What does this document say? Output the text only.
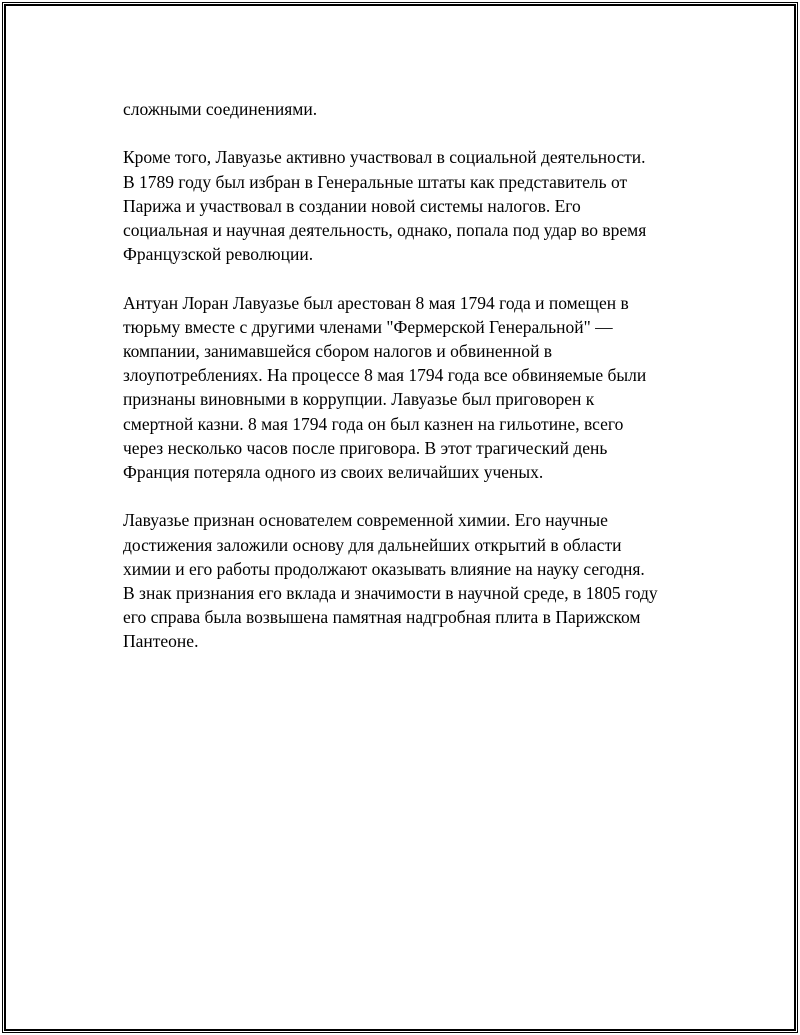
сложными соединениями.

Кроме того, Лавуазье активно участвовал в социальной деятельности.
В 1789 году был избран в Генеральные штаты как представитель от
Парижа и участвовал в создании новой системы налогов. Его
социальная и научная деятельность, однако, попала под удар во время
Французской революции.

Антуан Лоран Лавуазье был арестован 8 мая 1794 года и помещен в
тюрьму вместе с другими членами "Фермерской Генеральной" —
компании, занимавшейся сбором налогов и обвиненной в
злоупотреблениях. На процессе 8 мая 1794 года все обвиняемые были
признаны виновными в коррупции. Лавуазье был приговорен к
смертной казни. 8 мая 1794 года он был казнен на гильотине, всего
через несколько часов после приговора. В этот трагический день
Франция потеряла одного из своих величайших ученых.

Лавуазье признан основателем современной химии. Его научные
достижения заложили основу для дальнейших открытий в области
химии и его работы продолжают оказывать влияние на науку сегодня.
В знак признания его вклада и значимости в научной среде, в 1805 году
его справа была возвышена памятная надгробная плита в Парижском
Пантеоне.
